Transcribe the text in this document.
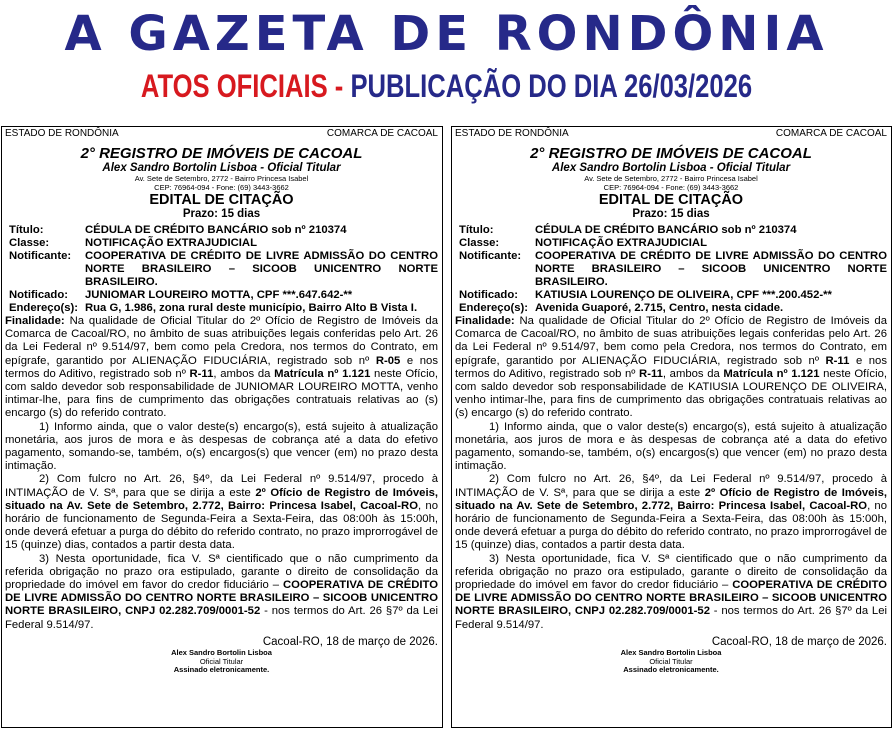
A GAZETA DE RONDÔNIA
ATOS OFICIAIS - PUBLICAÇÃO DO DIA 26/03/2026
ESTADO DE RONDÔNIA	COMARCA DE CACOAL
2° REGISTRO DE IMÓVEIS DE CACOAL
Alex Sandro Bortolin Lisboa - Oficial Titular
Av. Sete de Setembro, 2772 - Bairro Princesa Isabel
CEP: 76964-094 - Fone: (69) 3443-3662
EDITAL DE CITAÇÃO
Prazo: 15 dias
Título:	CÉDULA DE CRÉDITO BANCÁRIO sob nº 210374
Classe:	NOTIFICAÇÃO EXTRAJUDICIAL
Notificante:	COOPERATIVA DE CRÉDITO DE LIVRE ADMISSÃO DO CENTRO NORTE BRASILEIRO – SICOOB UNICENTRO NORTE BRASILEIRO.
Notificado:	JUNIOMAR LOUREIRO MOTTA, CPF ***.647.642-**
Endereço(s): Rua G, 1.986, zona rural deste município, Bairro Alto B Vista I.

Finalidade: Na qualidade de Oficial Titular do 2º Ofício de Registro de Imóveis da Comarca de Cacoal/RO, no âmbito de suas atribuições legais conferidas pelo Art. 26 da Lei Federal nº 9.514/97, bem como pela Credora, nos termos do Contrato, em epígrafe, garantido por ALIENAÇÃO FIDUCIÁRIA, registrado sob nº R-05 e nos termos do Aditivo, registrado sob nº R-11, ambos da Matrícula nº 1.121 neste Ofício, com saldo devedor sob responsabilidade de JUNIOMAR LOUREIRO MOTTA, venho intimar-lhe, para fins de cumprimento das obrigações contratuais relativas ao (s) encargo (s) do referido contrato.

1) Informo ainda, que o valor deste(s) encargo(s), está sujeito à atualização monetária, aos juros de mora e às despesas de cobrança até a data do efetivo pagamento, somando-se, também, o(s) encargos(s) que vencer (em) no prazo desta intimação.

2) Com fulcro no Art. 26, §4º, da Lei Federal nº 9.514/97, procedo à INTIMAÇÃO de V. Sª, para que se dirija a este 2º Ofício de Registro de Imóveis, situado na Av. Sete de Setembro, 2.772, Bairro: Princesa Isabel, Cacoal-RO, no horário de funcionamento de Segunda-Feira a Sexta-Feira, das 08:00h às 15:00h, onde deverá efetuar a purga do débito do referido contrato, no prazo improrrogável de 15 (quinze) dias, contados a partir desta data.

3) Nesta oportunidade, fica V. Sª cientificado que o não cumprimento da referida obrigação no prazo ora estipulado, garante o direito de consolidação da propriedade do imóvel em favor do credor fiduciário – COOPERATIVA DE CRÉDITO DE LIVRE ADMISSÃO DO CENTRO NORTE BRASILEIRO – SICOOB UNICENTRO NORTE BRASILEIRO, CNPJ 02.282.709/0001-52 - nos termos do Art. 26 §7º da Lei Federal 9.514/97.

Cacoal-RO, 18 de março de 2026.
Alex Sandro Bortolin Lisboa
Oficial Titular
Assinado eletronicamente.
ESTADO DE RONDÔNIA	COMARCA DE CACOAL
2° REGISTRO DE IMÓVEIS DE CACOAL
Alex Sandro Bortolin Lisboa - Oficial Titular
Av. Sete de Setembro, 2772 - Bairro Princesa Isabel
CEP: 76964-094 - Fone: (69) 3443-3662
EDITAL DE CITAÇÃO
Prazo: 15 dias
Título:	CÉDULA DE CRÉDITO BANCÁRIO sob nº 210374
Classe:	NOTIFICAÇÃO EXTRAJUDICIAL
Notificante:	COOPERATIVA DE CRÉDITO DE LIVRE ADMISSÃO DO CENTRO NORTE BRASILEIRO – SICOOB UNICENTRO NORTE BRASILEIRO.
Notificado:	KATIUSIA LOURENÇO DE OLIVEIRA, CPF ***.200.452-**
Endereço(s): Avenida Guaporé, 2.715, Centro, nesta cidade.

Finalidade: Na qualidade de Oficial Titular do 2º Ofício de Registro de Imóveis da Comarca de Cacoal/RO, no âmbito de suas atribuições legais conferidas pelo Art. 26 da Lei Federal nº 9.514/97, bem como pela Credora, nos termos do Contrato, em epígrafe, garantido por ALIENAÇÃO FIDUCIÁRIA, registrado sob nº R-11 e nos termos do Aditivo, registrado sob nº R-11, ambos da Matrícula nº 1.121 neste Ofício, com saldo devedor sob responsabilidade de KATIUSIA LOURENÇO DE OLIVEIRA, venho intimar-lhe, para fins de cumprimento das obrigações contratuais relativas ao (s) encargo (s) do referido contrato.

1) Informo ainda, que o valor deste(s) encargo(s), está sujeito à atualização monetária, aos juros de mora e às despesas de cobrança até a data do efetivo pagamento, somando-se, também, o(s) encargos(s) que vencer (em) no prazo desta intimação.

2) Com fulcro no Art. 26, §4º, da Lei Federal nº 9.514/97, procedo à INTIMAÇÃO de V. Sª, para que se dirija a este 2º Ofício de Registro de Imóveis, situado na Av. Sete de Setembro, 2.772, Bairro: Princesa Isabel, Cacoal-RO, no horário de funcionamento de Segunda-Feira a Sexta-Feira, das 08:00h às 15:00h, onde deverá efetuar a purga do débito do referido contrato, no prazo improrrogável de 15 (quinze) dias, contados a partir desta data.

3) Nesta oportunidade, fica V. Sª cientificado que o não cumprimento da referida obrigação no prazo ora estipulado, garante o direito de consolidação da propriedade do imóvel em favor do credor fiduciário – COOPERATIVA DE CRÉDITO DE LIVRE ADMISSÃO DO CENTRO NORTE BRASILEIRO – SICOOB UNICENTRO NORTE BRASILEIRO, CNPJ 02.282.709/0001-52 - nos termos do Art. 26 §7º da Lei Federal 9.514/97.

Cacoal-RO, 18 de março de 2026.
Alex Sandro Bortolin Lisboa
Oficial Titular
Assinado eletronicamente.
